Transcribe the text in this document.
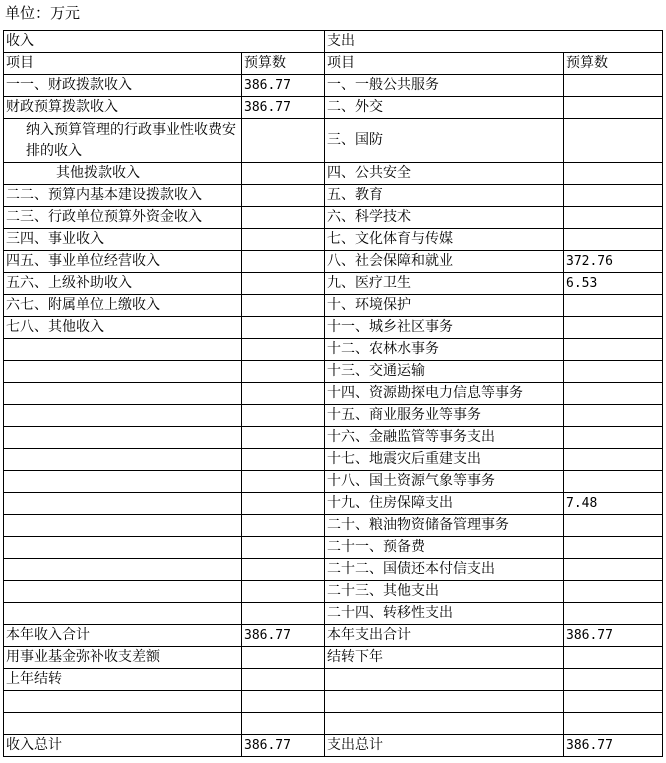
单位：万元
收入		支出	
项目	预算数	项目	预算数
一一、财政拨款收入	386.77	一、一般公共服务	
财政预算拨款收入	386.77	二、外交	
纳入预算管理的行政事业性收费安排的收入		三、国防	
其他拨款收入		四、公共安全	
二二、预算内基本建设拨款收入		五、教育	
二三、行政单位预算外资金收入		六、科学技术	
三四、事业收入		七、文化体育与传媒	
四五、事业单位经营收入		八、社会保障和就业	372.76
五六、上级补助收入		九、医疗卫生	6.53
六七、附属单位上缴收入		十、环境保护	
七八、其他收入		十一、城乡社区事务	
		十二、农林水事务	
		十三、交通运输	
		十四、资源勘探电力信息等事务	
		十五、商业服务业等事务	
		十六、金融监管等事务支出	
		十七、地震灾后重建支出	
		十八、国土资源气象等事务	
		十九、住房保障支出	7.48
		二十、粮油物资储备管理事务	
		二十一、预备费	
		二十二、国债还本付信支出	
		二十三、其他支出	
		二十四、转移性支出	
本年收入合计	386.77	本年支出合计	386.77
用事业基金弥补收支差额		结转下年	
上年结转			

收入总计	386.77	支出总计	386.77
